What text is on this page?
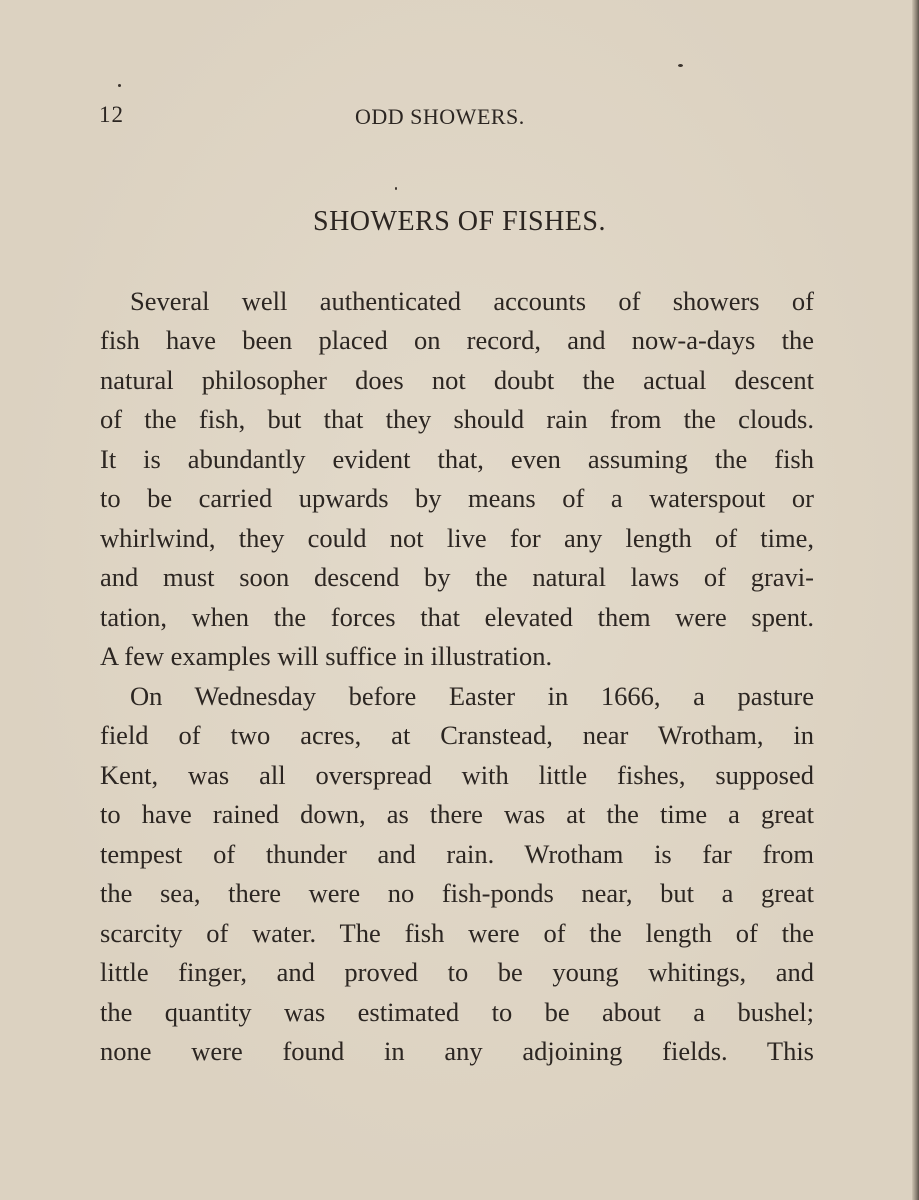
12	ODD SHOWERS.
SHOWERS OF FISHES.
Several well authenticated accounts of showers of
fish have been placed on record, and now-a-days the
natural philosopher does not doubt the actual descent
of the fish, but that they should rain from the clouds.
It is abundantly evident that, even assuming the fish
to be carried upwards by means of a waterspout or
whirlwind, they could not live for any length of time,
and must soon descend by the natural laws of gravi-
tation, when the forces that elevated them were spent.
A few examples will suffice in illustration.
On Wednesday before Easter in 1666, a pasture
field of two acres, at Cranstead, near Wrotham, in
Kent, was all overspread with little fishes, supposed
to have rained down, as there was at the time a great
tempest of thunder and rain. Wrotham is far from
the sea, there were no fish-ponds near, but a great
scarcity of water. The fish were of the length of the
little finger, and proved to be young whitings, and
the quantity was estimated to be about a bushel;
none were found in any adjoining fields. This
